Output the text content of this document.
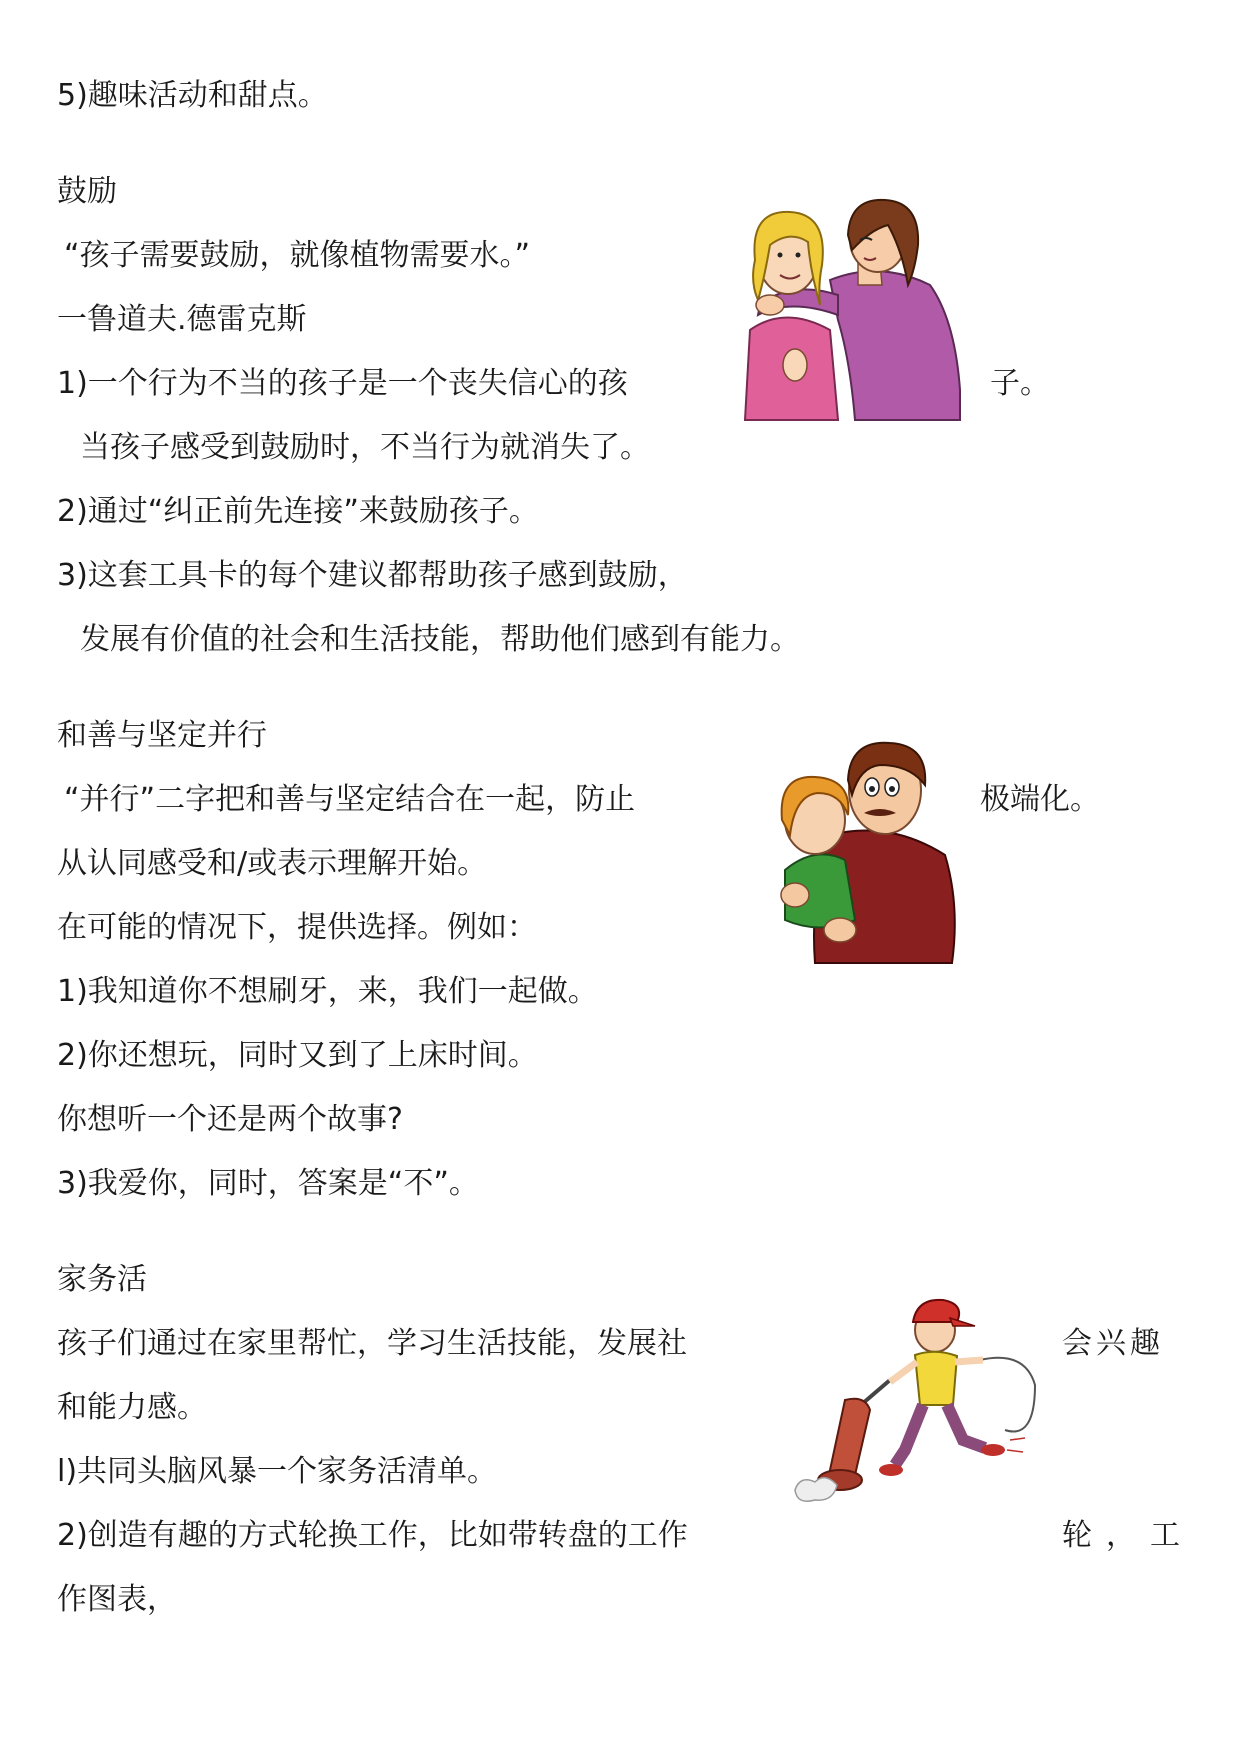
5)趣味活动和甜点。
鼓励
“孩子需要鼓励，就像植物需要水。”
一鲁道夫.德雷克斯
1)一个行为不当的孩子是一个丧失信心的孩	子。
当孩子感受到鼓励时，不当行为就消失了。
2)通过“纠正前先连接”来鼓励孩子。
3)这套工具卡的每个建议都帮助孩子感到鼓励，
发展有价值的社会和生活技能，帮助他们感到有能力。
和善与坚定并行
“并行”二字把和善与坚定结合在一起，防止	极端化。
从认同感受和/或表示理解开始。
在可能的情况下，提供选择。例如：
1)我知道你不想刷牙，来，我们一起做。
2)你还想玩，同时又到了上床时间。
你想听一个还是两个故事?
3)我爱你，同时，答案是“不”。
家务活
孩子们通过在家里帮忙，学习生活技能，发展社	会兴趣
和能力感。
l)共同头脑风暴一个家务活清单。
2)创造有趣的方式轮换工作，比如带转盘的工作	轮，工
作图表，
